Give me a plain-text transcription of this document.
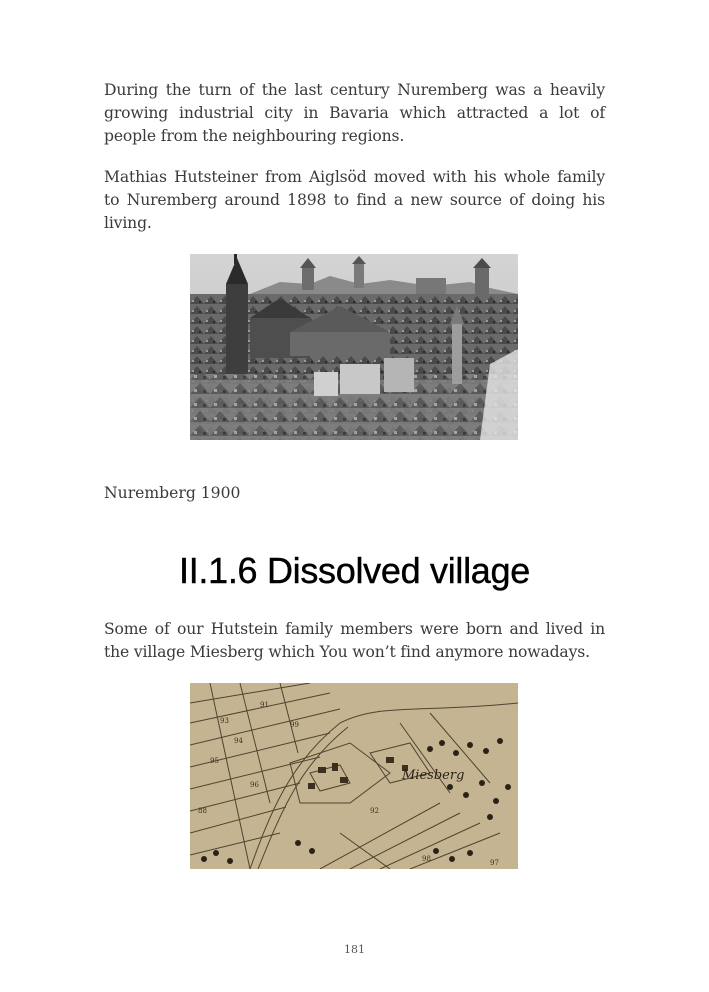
During the turn of the last century Nuremberg was a heavily growing industrial city in Bavaria which attracted a lot of people from the neighbouring regions.

Mathias Hutsteiner from Aiglsöd moved with his whole family to Nuremberg around 1898 to find a new source of doing his living.

Nuremberg 1900

II.1.6 Dissolved village

Some of our Hutstein family members were born and lived in the village Miesberg which You won’t find anymore nowadays.

Miesberg
93
94
95
96
97
98
88
91
92
99
181
